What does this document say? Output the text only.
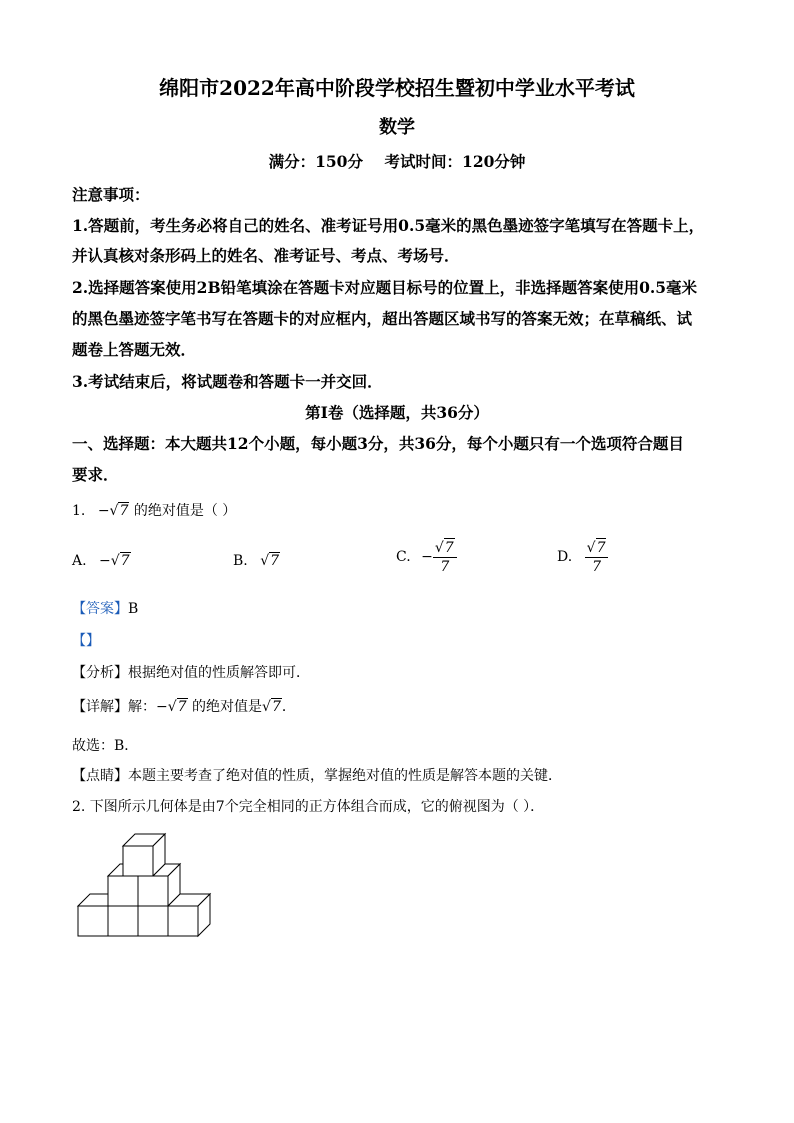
绵阳市2022年高中阶段学校招生暨初中学业水平考试
数学
满分：150分    考试时间：120分钟
注意事项：
1.答题前，考生务必将自己的姓名、准考证号用0.5毫米的黑色墨迹签字笔填写在答题卡上，
并认真核对条形码上的姓名、准考证号、考点、考场号．
2.选择题答案使用2B铅笔填涂在答题卡对应题目标号的位置上，非选择题答案使用0.5毫米
的黑色墨迹签字笔书写在答题卡的对应框内，超出答题区域书写的答案无效；在草稿纸、试
题卷上答题无效．
3.考试结束后，将试题卷和答题卡一并交回．
第Ⅰ卷（选择题，共36分）
一、选择题：本大题共12个小题，每小题3分，共36分，每个小题只有一个选项符合题目
要求．
1. −√7 的绝对值是（ ）
A. −√7	B. √7	C. − $\frac{√7}{7}$	D. $\frac{√7}{7}$
【答案】B
【】
【分析】根据绝对值的性质解答即可．
【详解】解：−√7 的绝对值是√7．
故选：B．
【点睛】本题主要考查了绝对值的性质，掌握绝对值的性质是解答本题的关键．
2. 下图所示几何体是由7个完全相同的正方体组合而成，它的俯视图为（ ）．
